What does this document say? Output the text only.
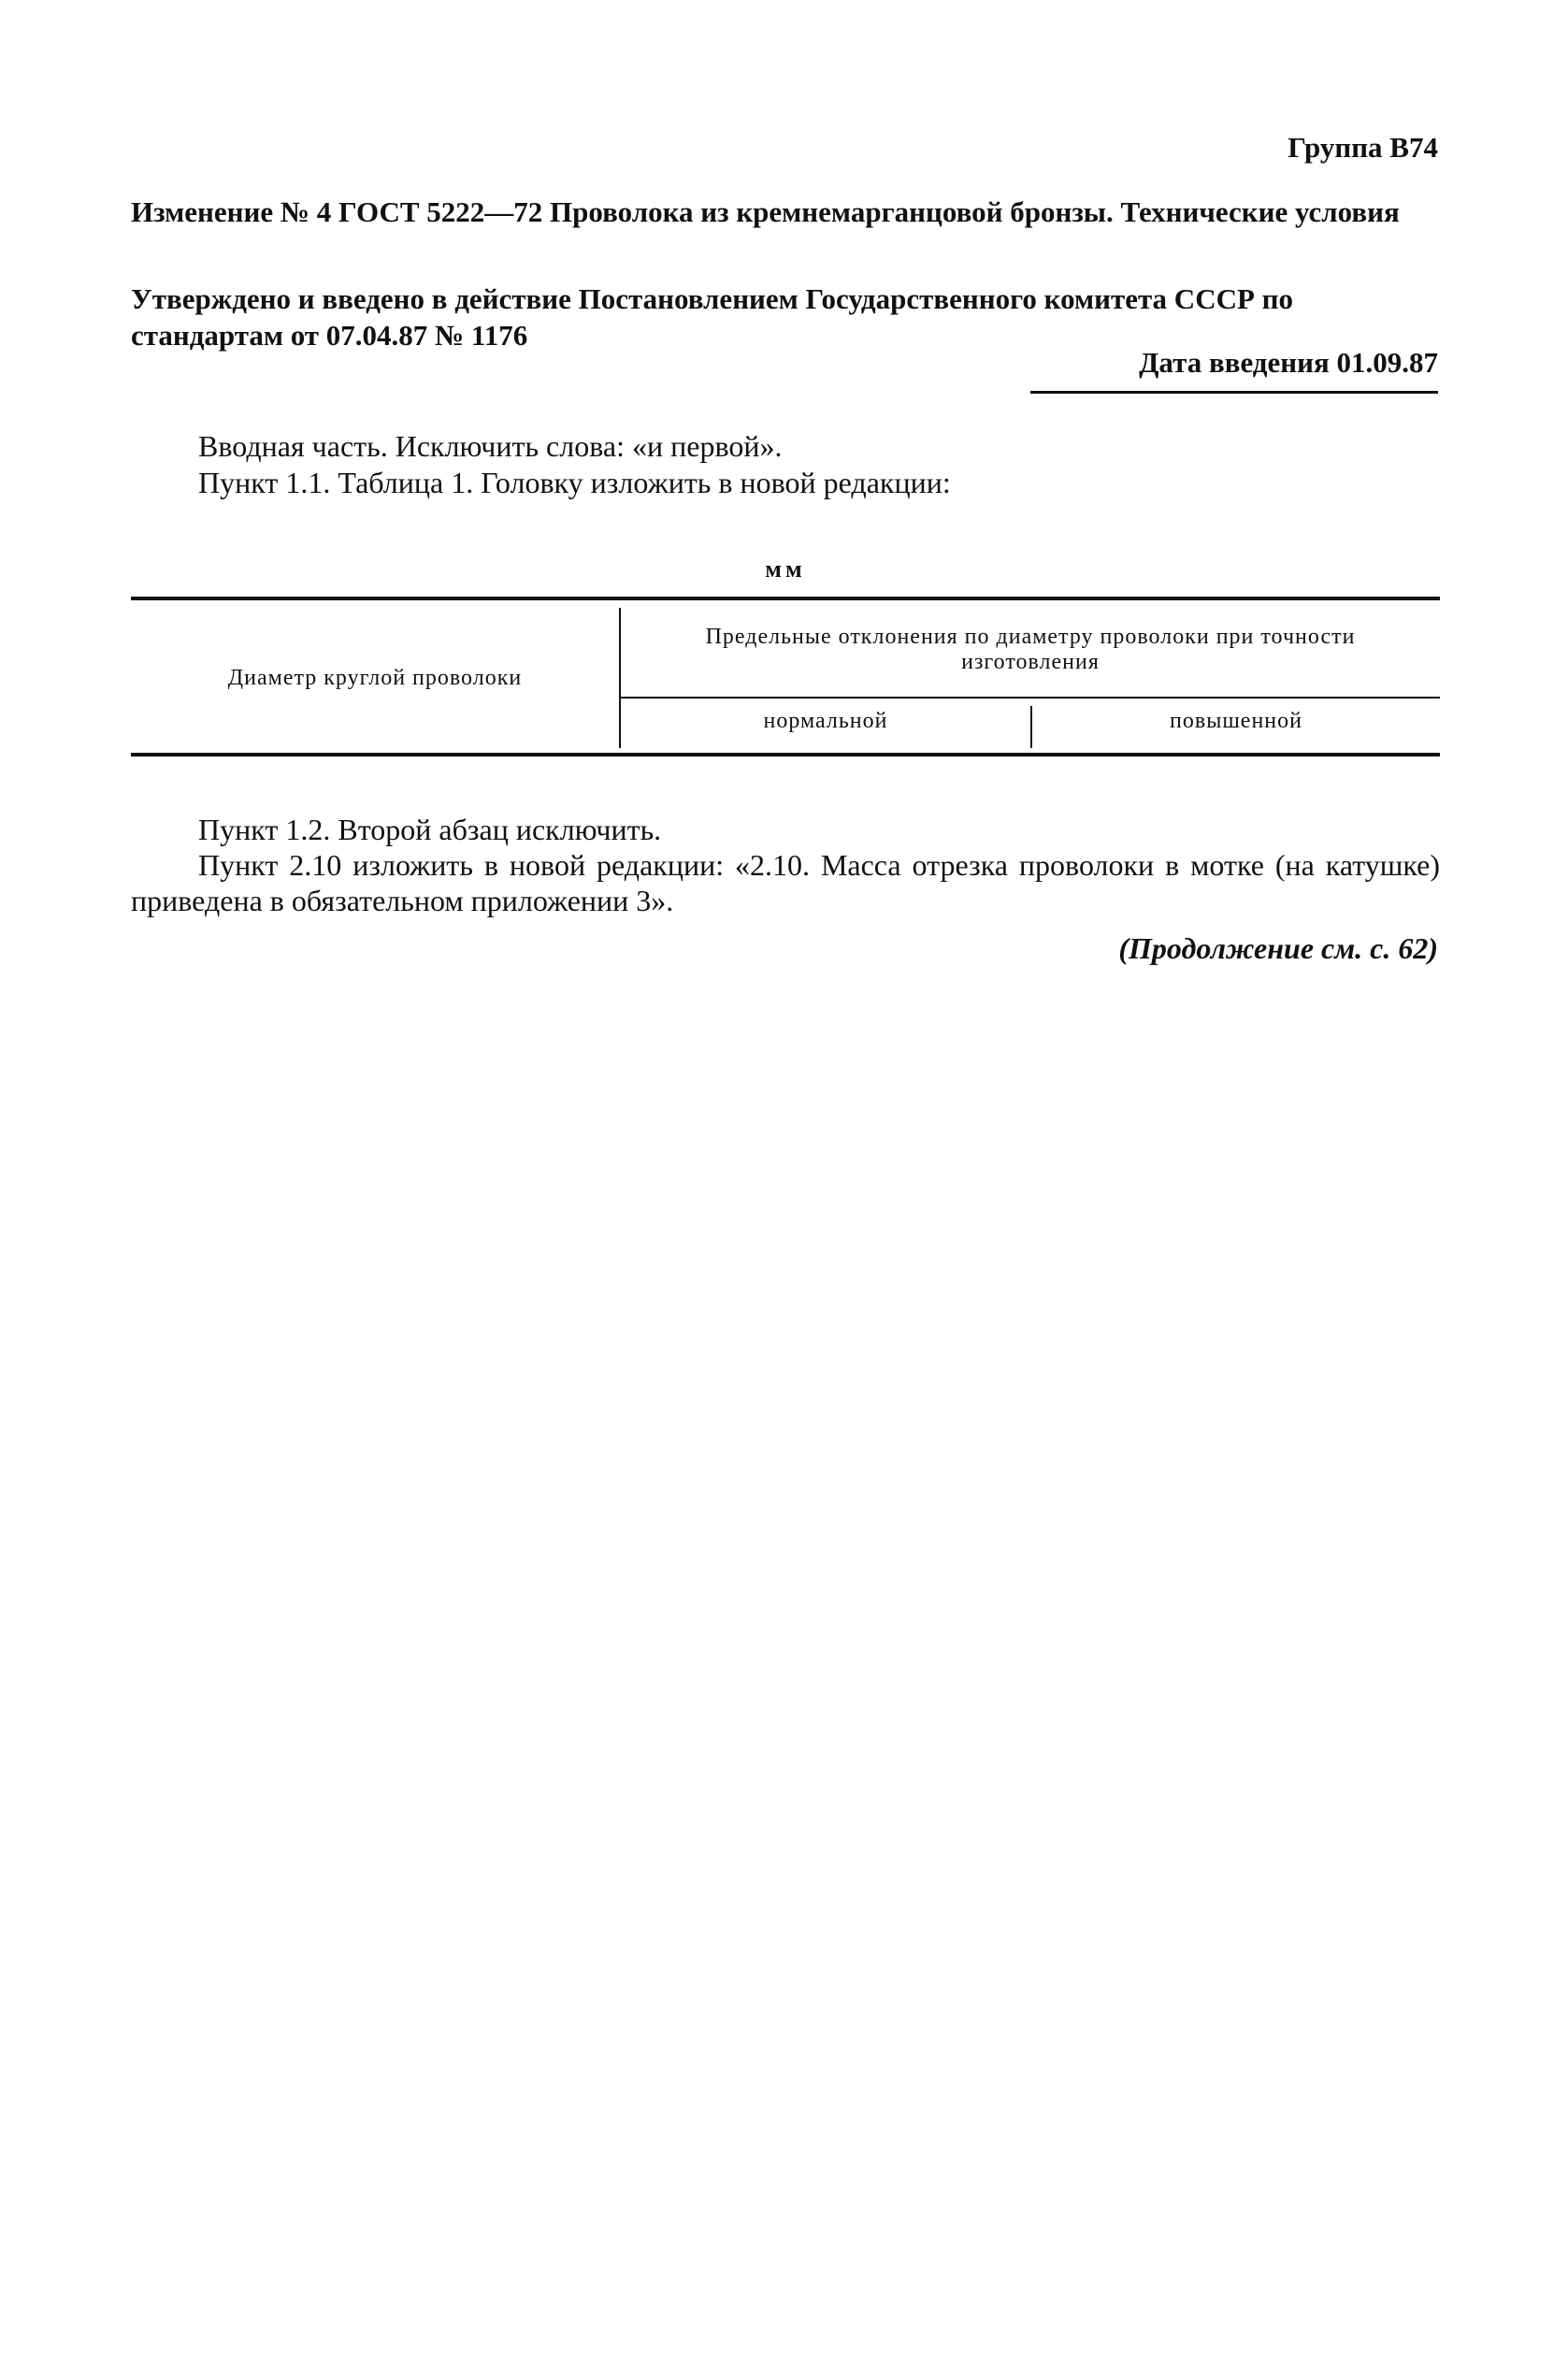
Группа В74
Изменение № 4 ГОСТ 5222—72 Проволока из кремнемарганцовой бронзы. Технические условия
Утверждено и введено в действие Постановлением Государственного комитета СССР по стандартам от 07.04.87 № 1176
Дата введения 01.09.87
Вводная часть. Исключить слова: «и первой».
Пункт 1.1. Таблица 1. Головку изложить в новой редакции:
мм
Диаметр круглой проволоки
Предельные отклонения по диаметру проволоки при точности изготовления
нормальной	повышенной
Пункт 1.2. Второй абзац исключить.
Пункт 2.10 изложить в новой редакции: «2.10. Масса отрезка проволоки в мотке (на катушке) приведена в обязательном приложении 3».
(Продолжение см. с. 62)
